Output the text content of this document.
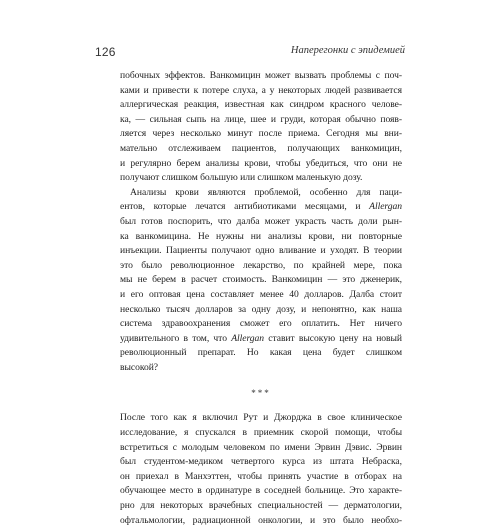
126	Наперегонки с эпидемией
побочных эффектов. Ванкомицин может вызвать проблемы с поч-
ками и привести к потере слуха, а у некоторых людей развивается
аллергическая реакция, известная как синдром красного челове-
ка, — сильная сыпь на лице, шее и груди, которая обычно появ-
ляется через несколько минут после приема. Сегодня мы вни-
мательно отслеживаем пациентов, получающих ванкомицин,
и регулярно берем анализы крови, чтобы убедиться, что они не
получают слишком большую или слишком маленькую дозу.
Анализы крови являются проблемой, особенно для паци-
ентов, которые лечатся антибиотиками месяцами, и Allergan
был готов поспорить, что далба может украсть часть доли рын-
ка ванкомицина. Не нужны ни анализы крови, ни повторные
инъекции. Пациенты получают одно вливание и уходят. В теории
это было революционное лекарство, по крайней мере, пока
мы не берем в расчет стоимость. Ванкомицин — это дженерик,
и его оптовая цена составляет менее 40 долларов. Далба стоит
несколько тысяч долларов за одну дозу, и непонятно, как наша
система здравоохранения сможет его оплатить. Нет ничего
удивительного в том, что Allergan ставит высокую цену на новый
революционный препарат. Но какая цена будет слишком
высокой?
***
После того как я включил Рут и Джорджа в свое клиническое
исследование, я спускался в приемник скорой помощи, чтобы
встретиться с молодым человеком по имени Эрвин Дэвис. Эрвин
был студентом-медиком четвертого курса из штата Небраска,
он приехал в Манхэттен, чтобы принять участие в отборах на
обучающее место в ординатуре в соседней больнице. Это характе-
рно для некоторых врачебных специальностей — дерматологии,
офтальмологии, радиационной онкологии, и это было необхо-
